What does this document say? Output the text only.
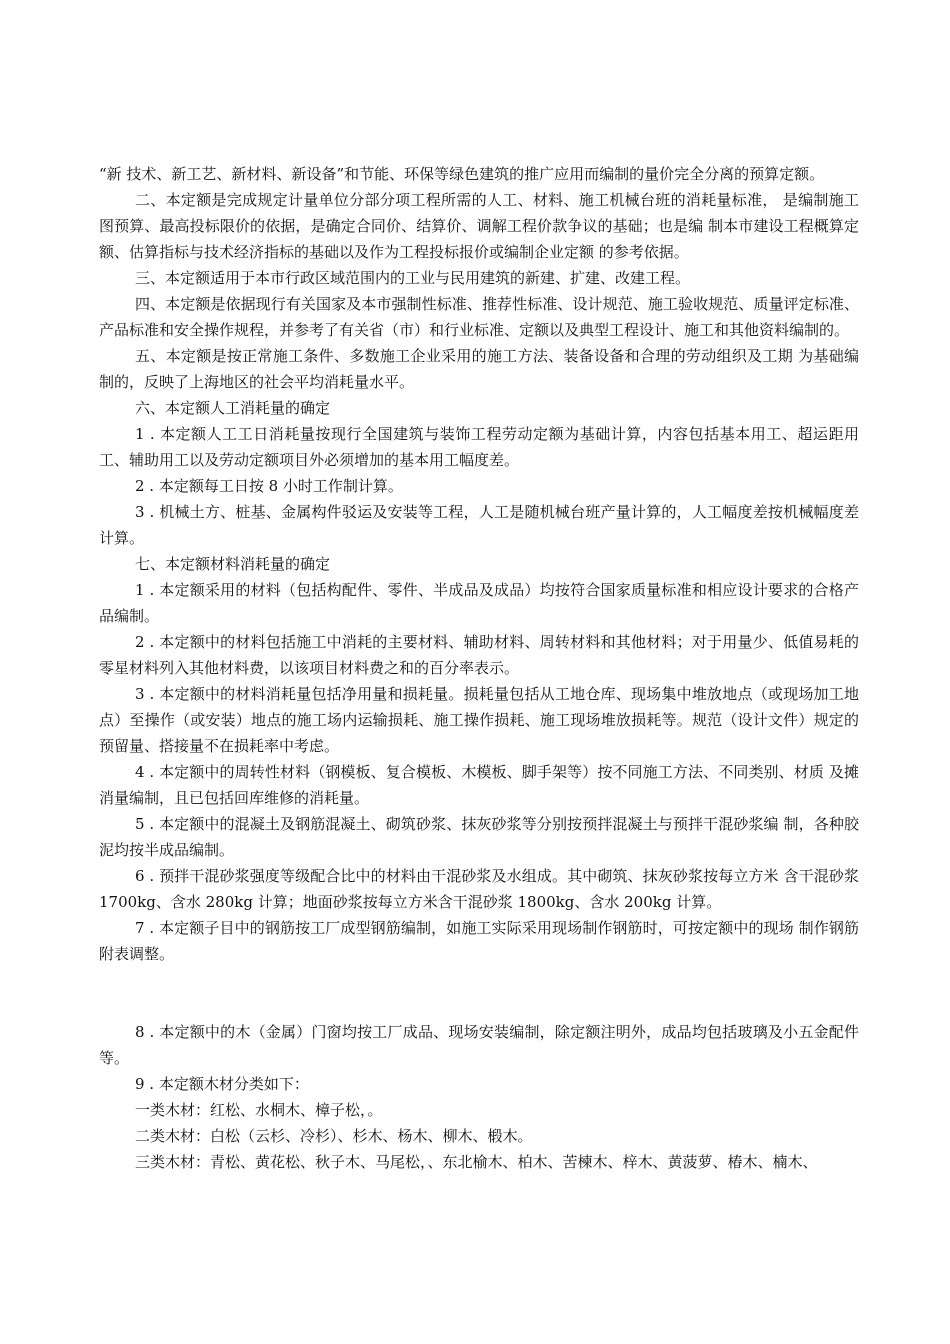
“新 技术、新工艺、新材料、新设备”和节能、环保等绿色建筑的推广应用而编制的量价完全分离的预算定额。

二、本定额是完成规定计量单位分部分项工程所需的人工、材料、施工机械台班的消耗量标准， 是编制施工图预算、最高投标限价的依据，是确定合同价、结算价、调解工程价款争议的基础；也是编 制本市建设工程概算定额、估算指标与技术经济指标的基础以及作为工程投标报价或编制企业定额 的参考依据。

三、本定额适用于本市行政区域范围内的工业与民用建筑的新建、扩建、改建工程。

四、本定额是依据现行有关国家及本市强制性标准、推荐性标准、设计规范、施工验收规范、质量评定标准、产品标准和安全操作规程，并参考了有关省（市）和行业标准、定额以及典型工程设计、施工和其他资料编制的。

五、本定额是按正常施工条件、多数施工企业采用的施工方法、装备设备和合理的劳动组织及工期 为基础编制的，反映了上海地区的社会平均消耗量水平。

六、本定额人工消耗量的确定

1 . 本定额人工工日消耗量按现行全国建筑与装饰工程劳动定额为基础计算，内容包括基本用工、超运距用工、辅助用工以及劳动定额项目外必须增加的基本用工幅度差。

2 . 本定额每工日按 8 小时工作制计算。

3 . 机械土方、桩基、金属构件驳运及安装等工程，人工是随机械台班产量计算的，人工幅度差按机械幅度差计算。

七、本定额材料消耗量的确定

1 . 本定额采用的材料（包括构配件、零件、半成品及成品）均按符合国家质量标准和相应设计要求的合格产品编制。

2 . 本定额中的材料包括施工中消耗的主要材料、辅助材料、周转材料和其他材料；对于用量少、低值易耗的零星材料列入其他材料费，以该项目材料费之和的百分率表示。

3 . 本定额中的材料消耗量包括净用量和损耗量。损耗量包括从工地仓库、现场集中堆放地点（或现场加工地点）至操作（或安装）地点的施工场内运输损耗、施工操作损耗、施工现场堆放损耗等。规范（设计文件）规定的预留量、搭接量不在损耗率中考虑。

4 . 本定额中的周转性材料（钢模板、复合模板、木模板、脚手架等）按不同施工方法、不同类别、材质 及摊消量编制，且已包括回库维修的消耗量。

5 . 本定额中的混凝土及钢筋混凝土、砌筑砂浆、抹灰砂浆等分别按预拌混凝土与预拌干混砂浆编 制，各种胶泥均按半成品编制。

6 . 预拌干混砂浆强度等级配合比中的材料由干混砂浆及水组成。其中砌筑、抹灰砂浆按每立方米 含干混砂浆 1700kg、含水 280kg 计算；地面砂浆按每立方米含干混砂浆 1800kg、含水 200kg 计算。

7 . 本定额子目中的钢筋按工厂成型钢筋编制，如施工实际采用现场制作钢筋时，可按定额中的现场 制作钢筋附表调整。

8 . 本定额中的木（金属）门窗均按工厂成品、现场安装编制，除定额注明外，成品均包括玻璃及小五金配件等。

9 . 本定额木材分类如下：

一类木材：红松、水桐木、樟子松，。

二类木材：白松（云杉、冷杉）、杉木、杨木、柳木、椴木。

三类木材：青松、黄花松、秋子木、马尾松，、东北榆木、柏木、苦楝木、梓木、黄菠萝、椿木、楠木、
